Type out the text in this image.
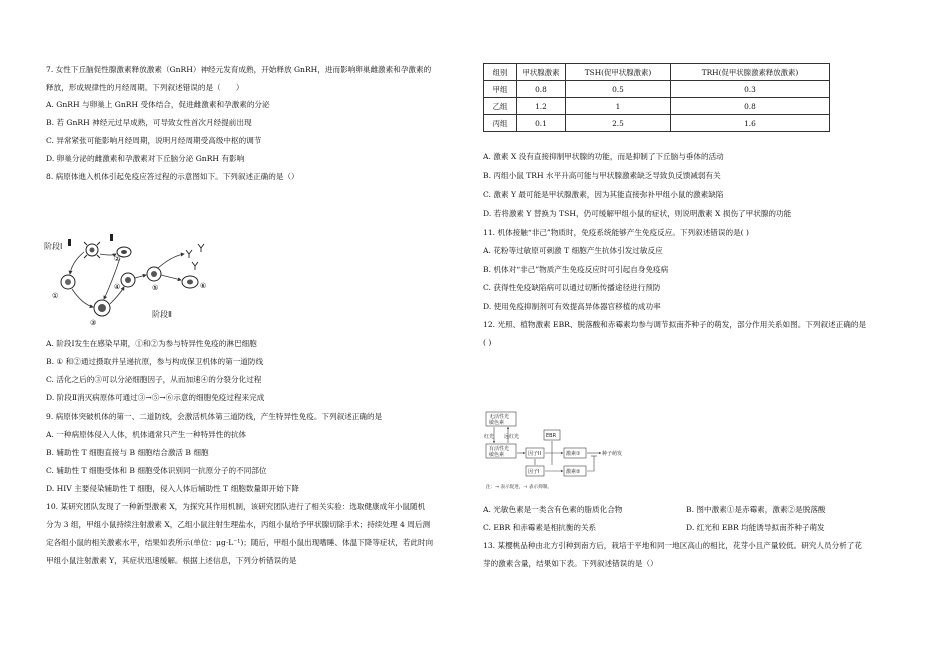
7. 女性下丘脑促性腺激素释放激素（GnRH）神经元发育成熟，开始释放 GnRH，进而影响卵巢雌激素和孕激素的
释放，形成规律性的月经周期。下列叙述错误的是（　　）
A. GnRH 与卵巢上 GnRH 受体结合，促进雌激素和孕激素的分泌
B. 若 GnRH 神经元过早成熟，可导致女性首次月经提前出现
C. 异常紧张可能影响月经周期，说明月经周期受高级中枢的调节
D. 卵巢分泌的雌激素和孕激素对下丘脑分泌 GnRH 有影响
8. 病原体進入机体引起免疫应答过程的示意图如下。下列叙述正确的是（）
阶段Ⅰ
阶段Ⅱ
②
①
③
④	⑤	⑥
A. 阶段Ⅰ发生在感染早期，①和②为参与特异性免疫的淋巴细胞
B. ① 和②通过摄取并呈递抗原，参与构成保卫机体的第一道防线
C. 活化之后的③可以分泌细胞因子，从而加速④的分裂分化过程
D. 阶段Ⅱ消灭病原体可通过③→⑤→⑥示意的细胞免疫过程来完成
9. 病原体突破机体的第一、二道防线，会激活机体第三道防线，产生特异性免疫。下列叙述正确的是
A. 一种病原体侵入人体，机体通常只产生一种特异性的抗体
B. 辅助性 T 细胞直接与 B 细胞结合激活 B 细胞
C. 辅助性 T 细胞受体和 B 细胞受体识别同一抗原分子的不同部位
D. HIV 主要侵染辅助性 T 细胞，侵入人体后辅助性 T 细胞数量即开始下降
10. 某研究团队发现了一种新型激素 X，为探究其作用机制，该研究团队进行了相关实验：选取健康成年小鼠随机
分为 3 组，甲组小鼠持续注射激素 X，乙组小鼠注射生理盐水，丙组小鼠给予甲状腺切除手术；持续处理 4 周后测
定各组小鼠的相关激素水平，结果如表所示(单位：μg·L⁻¹)；随后，甲组小鼠出现嗜睡、体温下降等症状，若此时向
甲组小鼠注射激素 Y，其症状迅速缓解。根据上述信息，下列分析错误的是
组别	甲状腺激素	TSH(促甲状腺激素)	TRH(促甲状腺激素释放激素)
甲组	0.8	0.5	0.3
乙组	1.2	1	0.8
丙组	0.1	2.5	1.6
A. 激素 X 没有直接抑制甲状腺的功能，而是抑制了下丘脑与垂体的活动
B. 丙组小鼠 TRH 水平升高可能与甲状腺激素缺乏导致负反馈减弱有关
C. 激素 Y 最可能是甲状腺激素，因为其能直接弥补甲组小鼠的激素缺陷
D. 若将激素 Y 替换为 TSH，仍可缓解甲组小鼠的症状，则说明激素 X 损伤了甲状腺的功能
11. 机体接触“非己”物质时，免疫系统能够产生免疫反应。下列叙述错误的是( )
A. 花粉等过敏原可刺激 T 细胞产生抗体引发过敏反应
B. 机体对“非己”物质产生免疫反应时可引起自身免疫病
C. 获得性免疫缺陷病可以通过切断传播途径进行预防
D. 使用免疫抑制剂可有效提高异体器官移植的成功率
12. 光照、植物激素 EBR、脱落酸和赤霉素均参与调节拟南芥种子的萌发，部分作用关系如图。下列叙述正确的是
( )
无活性光
敏色素
有活性光
敏色素
红光 远红光	EBR
因子II
因子I
激素①
激素②
种子萌发
注：→ 表示促进，⊣ 表示抑制。
A. 光敏色素是一类含有色素的脂质化合物	B. 图中激素①是赤霉素，激素②是脱落酸
C. EBR 和赤霉素是相抗衡的关系	D. 红光和 EBR 均能诱导拟南芥种子萌发
13. 某樱桃品种由北方引种到南方后，栽培于平地和同一地区高山的相比，花芽小且产量较低。研究人员分析了花
芽的激素含量，结果如下表。下列叙述错误的是（）
